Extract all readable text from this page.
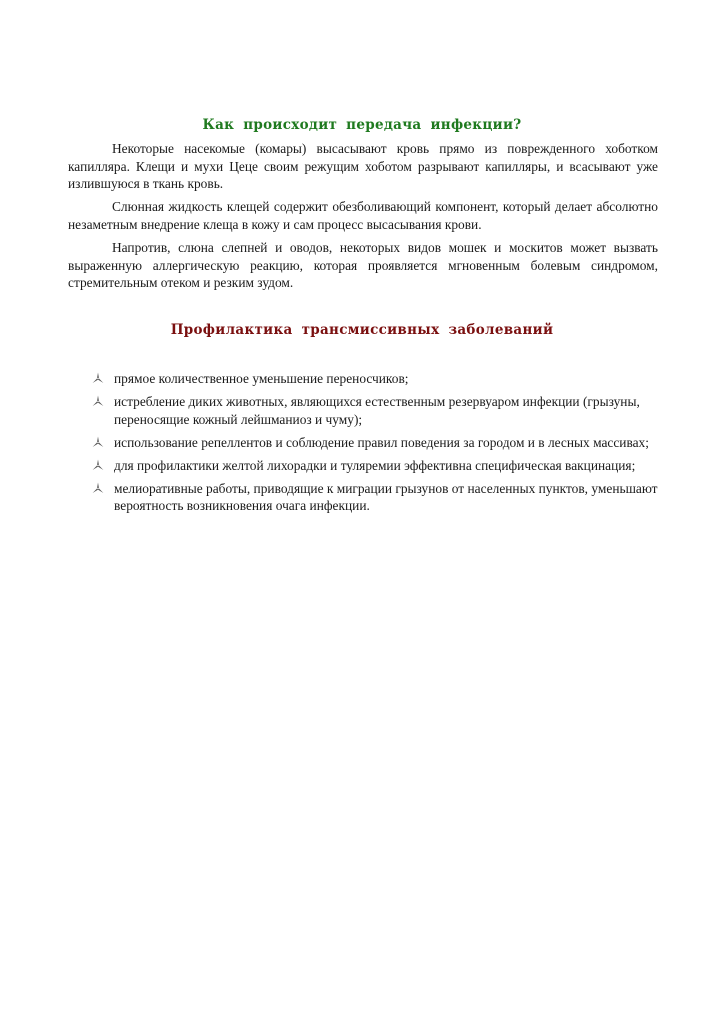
Как происходит передача инфекции?

Некоторые насекомые (комары) высасывают кровь прямо из поврежденного хоботком капилляра. Клещи и мухи Цеце своим режущим хоботом разрывают капилляры, и всасывают уже излившуюся в ткань кровь.

Слюнная жидкость клещей содержит обезболивающий компонент, который делает абсолютно незаметным внедрение клеща в кожу и сам процесс высасывания крови.

Напротив, слюна слепней и оводов, некоторых видов мошек и москитов может вызвать выраженную аллергическую реакцию, которая проявляется мгновенным болевым синдромом, стремительным отеком и резким зудом.

Профилактика трансмиссивных заболеваний
прямое количественное уменьшение переносчиков;
истребление диких животных, являющихся естественным резервуаром инфекции (грызуны, переносящие кожный лейшманиоз и чуму);
использование репеллентов и соблюдение правил поведения за городом и в лесных массивах;
для профилактики желтой лихорадки и туляремии эффективна специфическая вакцинация;
мелиоративные работы, приводящие к миграции грызунов от населенных пунктов, уменьшают вероятность возникновения очага инфекции.
